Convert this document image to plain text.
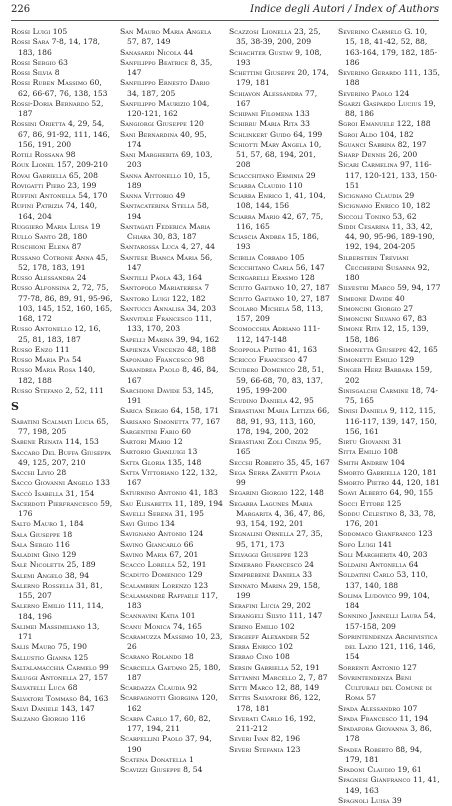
226	Indice degli Autori / Index of Authors

Rossi Luigi 105

Rossi Sara 7-8, 14, 178, 183, 186

Rossi Sergio 63

Rossi Silvia 8

Rossi Ruben Massimo 60, 62, 66-67, 76, 138, 153

Rossi-Doria Bernardo 52, 187

Rossini Orietta 4, 29, 54, 67, 86, 91-92, 111, 146, 156, 191, 200

Rotili Rossana 98

Roux Lionel 157, 209-210

Rovai Gabriella 65, 208

Rovigatti Piero 23, 199

Ruffini Antonella 54, 170

Rufini Patrizia 74, 140, 164, 204

Ruggiero Maria Luisa 19

Rullo Santo 28, 180

Ruschioni Elena 87

Russano Cotrone Anna 45, 52, 178, 183, 191

Russo Alessandra 24

Russo Alfonsina 2, 72, 75, 77-78, 86, 89, 91, 95-96, 103, 145, 152, 160, 165, 168, 172

Russo Antonello 12, 16, 25, 81, 183, 187

Russo Enzo 111

Russo Maria Pia 54

Russo Maria Rosa 140, 182, 188

Russo Stefano 2, 52, 111

S

Sabatini Scalmati Lucia 65, 77, 198, 205

Sabene Renata 114, 153

Saccaro Del Buffa Giuseppa 49, 125, 207, 210

Sacchi Livio 28

Sacco Giovanni Angelo 133

Saccò Isabella 31, 154

Sacerdoti Pierfrancesco 59, 176

Salto Mauro 1, 184

Sala Giuseppe 18

Sala Sergio 116

Saladini Gino 129

Salè Nicoletta 25, 189

Salemi Angelo 38, 94

Salerno Rossella 31, 81, 155, 207

Salerno Emilio 111, 114, 184, 196

Salimei Massimiliano 13, 171

Salis Mauro 75, 190

Sallustio Gianna 125

Saltalamacchia Carmelo 99

Saluggi Antonella 27, 157

Salvatelli Luca 68

Salvatori Tommaso 84, 163

Salvi Daniele 143, 147

Salzano Giorgio 116

San Mauro Maria Angela 57, 87, 149

Sanasardi Nicola 44

Sanfilippo Beatrice 8, 35, 147

Sanfilippo Ernesto Dario 34, 187, 205

Sanfilippo Maurizio 104, 120-121, 162

Sangiorgi Giuseppe 120

Sani Bernardina 40, 95, 174

Sani Margherita 69, 103, 203

Sanna Antonello 10, 15, 189

Sanna Vittorio 49

Santacaterina Stella 58, 194

Santagati Federica Maria Chiara 30, 83, 187

Santarossa Luca 4, 27, 44

Santese Bianca Maria 56, 147

Santilli Paola 43, 164

Santopolo Mariateresa 7

Santoro Luigi 122, 182

Santucci Annalisa 34, 203

Sanvitale Francesco 111, 133, 170, 203

Sapelli Marina 39, 94, 162

Sapienza Vincenzo 48, 188

Saponaro Francesco 98

Sarandrea Paolo 8, 46, 84, 167

Sarchioni Davide 53, 145, 191

Sarica Sergio 64, 158, 171

Sarisano Simonetta 77, 167

Sargentini Fabio 60

Sartori Mario 12

Sartorio Gianluigi 13

Satta Gloria 135, 148

Satta Vittoriano 122, 132, 167

Saturnino Antonio 41, 183

Sau Elisabetta 11, 189, 194

Savelli Serena 31, 195

Savi Guido 134

Savignano Antonio 124

Savino Giancarlo 66

Savino Maria 67, 201

Scacco Lorella 52, 191

Scaduto Domenico 129

Scalambrin Lorenzo 123

Scalamandrè Raffaele 117, 183

Scannavini Katia 101

Scanu Monica 74, 165

Scaramuzza Massimo 10, 23, 26

Scarano Rolando 18

Scarcella Gaetano 25, 180, 187

Scardazza Claudia 92

Scarfagnotti Giorgina 120, 162

Scarpa Carlo 17, 60, 82, 177, 194, 211

Scarpellini Paolo 37, 94, 190

Scatena Donatella 1

Scavizzi Giuseppe 8, 54

Scazzosi Lionella 23, 25, 35, 38-39, 200, 209

Schachter Gustav 9, 108, 193

Schettini Giuseppe 20, 174, 179, 181

Schiavon Alessandra 77, 167

Schipani Filomena 133

Schirru Maria Rita 33

Schlinkert Guido 64, 199

Schiotti Mary Angela 10, 51, 57, 68, 194, 201, 208

Sciacchitano Erminia 29

Sciarra Claudio 110

Sciarra Enrico 1, 41, 104, 108, 144, 156

Sciarra Mario 42, 67, 75, 116, 165

Sciascia Andrea 15, 186, 193

Scibilia Corrado 105

Scicchitano Carla 56, 147

Scingarelli Erasmo 128

Sciuto Gaetano 10, 27, 187

Sciuto Gaetano 10, 27, 187

Scolaro Michela 58, 113, 157, 209

Scomocchia Adriano 111-112, 147-148

Scoppola Pietro 41, 163

Scricco Francesco 47

Scudero Domenico 28, 51, 59, 66-68, 70, 83, 137, 195, 199-200

Scudino Daniela 42, 95

Sebastiani Maria Letizia 66, 88, 91, 93, 113, 160, 178, 194, 200, 202

Sebastiani Zoli Cinzia 95, 165

Secchi Roberto 35, 45, 167

Sega Serra Zanetti Paola 99

Segarini Giorgio 122, 148

Segarra Lagunes Maria Margarita 4, 36, 47, 86, 93, 154, 192, 201

Segnalini Ornella 27, 35, 95, 171, 173

Selvaggi Giuseppe 123

Semeraro Francesco 24

Semprebene Daniela 33

Sennato Marina 29, 158, 199

Serafini Lucia 29, 202

Serangeli Silvio 111, 147

Serino Emilio 102

Sergieff Alexander 52

Serra Enrico 102

Serrao Cino 108

Sersin Gabriella 52, 191

Settanni Marcello 2, 7, 87

Setti Marco 12, 88, 149

Settis Salvatore 86, 122, 178, 181

Severati Carlo 16, 192, 211-212

Severi Ivan 82, 196

Severi Stefania 123

Severino Carmelo G. 10, 15, 18, 41-42, 52, 88, 163-164, 179, 182, 185-186

Severino Gerardo 111, 135, 188

Severino Paolo 124

Sgarzi Gaspardo Lucius 19, 88, 186

Sgroi Emanuele 122, 188

Sgroi Aldo 104, 182

Sguanci Sabrina 82, 197

Sharp Dennis 26, 200

Sicari Carmelina 97, 116-117, 120-121, 133, 150-151

Sicignano Claudia 29

Sicignano Enrico 10, 182

Siccoli Tonino 53, 62

Siddi Cesarina 11, 33, 42, 44, 90, 95-96, 189-190, 192, 194, 204-205

Silberstein Treviani Ceccherini Susanna 92, 180

Silvestri Marco 59, 94, 177

Simeone Davide 40

Simoncini Giorgio 27

Simoncini Silvano 67, 83

Simone Rita 12, 15, 139, 158, 186

Simonetta Giuseppe 42, 165

Simonetti Emilio 129

Singer Herz Barbara 159, 202

Sinisgalchi Carmine 18, 74-75, 165

Sinisi Daniela 9, 112, 115, 116-117, 139, 147, 150, 156, 161

Sirtu Giovanni 31

Sitta Emilio 108

Smith Andrew 104

Smorto Gabriella 120, 181

Smorto Pietro 44, 120, 181

Soavi Alberto 64, 90, 155

Socci Ettore 125

Soddu Celestino 8, 33, 78, 176, 201

Sodomaco Gianfranco 123

Sofo Luigi 141

Soli Margherita 40, 203

Soldaini Antonella 64

Soldatini Carlo 53, 110, 137, 140, 188

Solima Ludovico 99, 104, 184

Sonnino Jannelli Laura 54, 157-158, 209

Soprintendenza Archivistica del Lazio 121, 116, 146, 154

Sorrenti Antonio 127

Sovrintendenza Beni Culturali del Comune di Roma 57

Spada Alessandro 107

Spada Francesco 11, 194

Spadafora Giovanna 3, 86, 178

Spadea Roberto 88, 94, 179, 181

Spadoni Claudio 19, 61

Spagnesi Gianfranco 11, 41, 149, 163

Spagnoli Luisa 39
